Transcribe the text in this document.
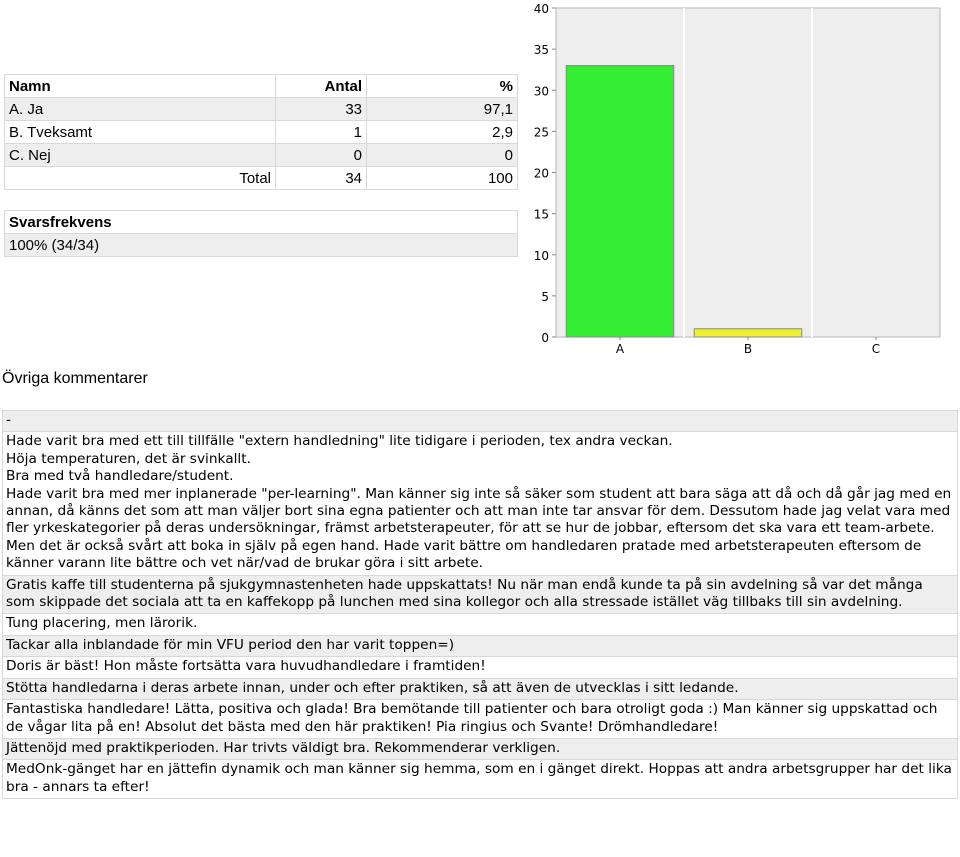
Namn	Antal	%
A. Ja	33	97,1
B. Tveksamt	1	2,9
C. Nej	0	0
Total	34	100
Svarsfrekvens
100% (34/34)
0
5
10
15
20
25
30
35
40
A	B	C
Övriga kommentarer
-
Hade varit bra med ett till tillfälle "extern handledning" lite tidigare i perioden, tex andra veckan.
Höja temperaturen, det är svinkallt.
Bra med två handledare/student.
Hade varit bra med mer inplanerade "per-learning". Man känner sig inte så säker som student att bara säga att då och då går jag med en annan, då känns det som att man väljer bort sina egna patienter och att man inte tar ansvar för dem. Dessutom hade jag velat vara med fler yrkeskategorier på deras undersökningar, främst arbetsterapeuter, för att se hur de jobbar, eftersom det ska vara ett team-arbete. Men det är också svårt att boka in själv på egen hand. Hade varit bättre om handledaren pratade med arbetsterapeuten eftersom de känner varann lite bättre och vet när/vad de brukar göra i sitt arbete.
Gratis kaffe till studenterna på sjukgymnastenheten hade uppskattats! Nu när man endå kunde ta på sin avdelning så var det många som skippade det sociala att ta en kaffekopp på lunchen med sina kollegor och alla stressade istället väg tillbaks till sin avdelning.
Tung placering, men lärorik.
Tackar alla inblandade för min VFU period den har varit toppen=)
Doris är bäst! Hon måste fortsätta vara huvudhandledare i framtiden!
Stötta handledarna i deras arbete innan, under och efter praktiken, så att även de utvecklas i sitt ledande.
Fantastiska handledare! Lätta, positiva och glada! Bra bemötande till patienter och bara otroligt goda :) Man känner sig uppskattad och de vågar lita på en! Absolut det bästa med den här praktiken! Pia ringius och Svante! Drömhandledare!
Jättenöjd med praktikperioden. Har trivts väldigt bra. Rekommenderar verkligen.
MedOnk-gänget har en jättefin dynamik och man känner sig hemma, som en i gänget direkt. Hoppas att andra arbetsgrupper har det lika bra - annars ta efter!
